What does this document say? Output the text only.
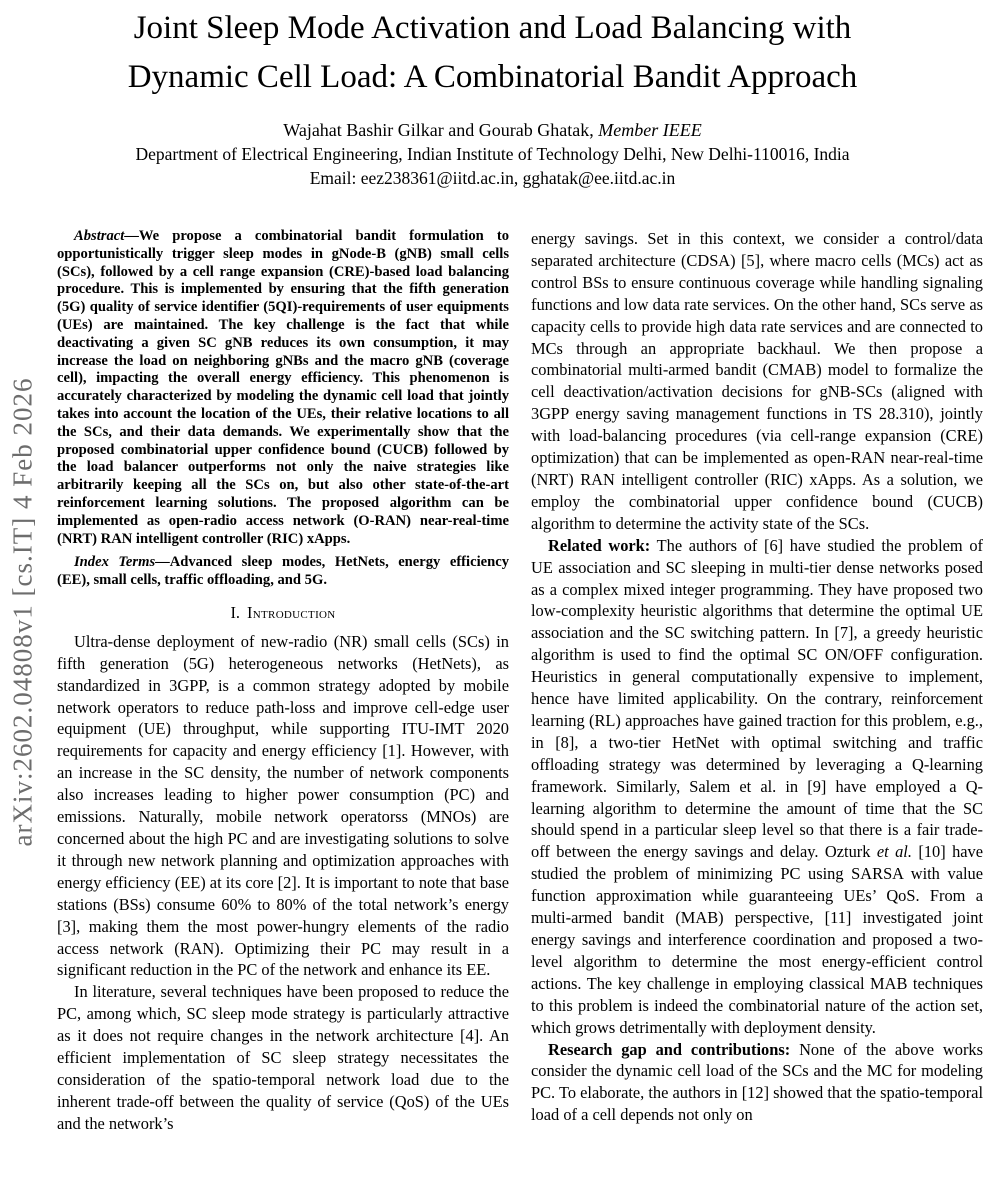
arXiv:2602.04808v1 [cs.IT] 4 Feb 2026
Joint Sleep Mode Activation and Load Balancing with
Dynamic Cell Load: A Combinatorial Bandit Approach
Wajahat Bashir Gilkar and Gourab Ghatak, Member IEEE
Department of Electrical Engineering, Indian Institute of Technology Delhi, New Delhi-110016, India
Email: eez238361@iitd.ac.in, gghatak@ee.iitd.ac.in

Abstract—We propose a combinatorial bandit formulation to opportunistically trigger sleep modes in gNode-B (gNB) small cells (SCs), followed by a cell range expansion (CRE)-based load balancing procedure. This is implemented by ensuring that the fifth generation (5G) quality of service identifier (5QI)-requirements of user equipments (UEs) are maintained. The key challenge is the fact that while deactivating a given SC gNB reduces its own consumption, it may increase the load on neighboring gNBs and the macro gNB (coverage cell), impacting the overall energy efficiency. This phenomenon is accurately characterized by modeling the dynamic cell load that jointly takes into account the location of the UEs, their relative locations to all the SCs, and their data demands. We experimentally show that the proposed combinatorial upper confidence bound (CUCB) followed by the load balancer outperforms not only the naive strategies like arbitrarily keeping all the SCs on, but also other state-of-the-art reinforcement learning solutions. The proposed algorithm can be implemented as open-radio access network (O-RAN) near-real-time (NRT) RAN intelligent controller (RIC) xApps.

Index Terms—Advanced sleep modes, HetNets, energy efficiency (EE), small cells, traffic offloading, and 5G.

I. Introduction

Ultra-dense deployment of new-radio (NR) small cells (SCs) in fifth generation (5G) heterogeneous networks (HetNets), as standardized in 3GPP, is a common strategy adopted by mobile network operators to reduce path-loss and improve cell-edge user equipment (UE) throughput, while supporting ITU-IMT 2020 requirements for capacity and energy efficiency [1]. However, with an increase in the SC density, the number of network components also increases leading to higher power consumption (PC) and emissions. Naturally, mobile network operatorss (MNOs) are concerned about the high PC and are investigating solutions to solve it through new network planning and optimization approaches with energy efficiency (EE) at its core [2]. It is important to note that base stations (BSs) consume 60% to 80% of the total network’s energy [3], making them the most power-hungry elements of the radio access network (RAN). Optimizing their PC may result in a significant reduction in the PC of the network and enhance its EE.

In literature, several techniques have been proposed to reduce the PC, among which, SC sleep mode strategy is particularly attractive as it does not require changes in the network architecture [4]. An efficient implementation of SC sleep strategy necessitates the consideration of the spatio-temporal network load due to the inherent trade-off between the quality of service (QoS) of the UEs and the network’s

energy savings. Set in this context, we consider a control/data separated architecture (CDSA) [5], where macro cells (MCs) act as control BSs to ensure continuous coverage while handling signaling functions and low data rate services. On the other hand, SCs serve as capacity cells to provide high data rate services and are connected to MCs through an appropriate backhaul. We then propose a combinatorial multi-armed bandit (CMAB) model to formalize the cell deactivation/activation decisions for gNB-SCs (aligned with 3GPP energy saving management functions in TS 28.310), jointly with load-balancing procedures (via cell-range expansion (CRE) optimization) that can be implemented as open-RAN near-real-time (NRT) RAN intelligent controller (RIC) xApps. As a solution, we employ the combinatorial upper confidence bound (CUCB) algorithm to determine the activity state of the SCs.

Related work: The authors of [6] have studied the problem of UE association and SC sleeping in multi-tier dense networks posed as a complex mixed integer programming. They have proposed two low-complexity heuristic algorithms that determine the optimal UE association and the SC switching pattern. In [7], a greedy heuristic algorithm is used to find the optimal SC ON/OFF configuration. Heuristics in general computationally expensive to implement, hence have limited applicability. On the contrary, reinforcement learning (RL) approaches have gained traction for this problem, e.g., in [8], a two-tier HetNet with optimal switching and traffic offloading strategy was determined by leveraging a Q-learning framework. Similarly, Salem et al. in [9] have employed a Q-learning algorithm to determine the amount of time that the SC should spend in a particular sleep level so that there is a fair trade-off between the energy savings and delay. Ozturk et al. [10] have studied the problem of minimizing PC using SARSA with value function approximation while guaranteeing UEs’ QoS. From a multi-armed bandit (MAB) perspective, [11] investigated joint energy savings and interference coordination and proposed a two-level algorithm to determine the most energy-efficient control actions. The key challenge in employing classical MAB techniques to this problem is indeed the combinatorial nature of the action set, which grows detrimentally with deployment density.

Research gap and contributions: None of the above works consider the dynamic cell load of the SCs and the MC for modeling PC. To elaborate, the authors in [12] showed that the spatio-temporal load of a cell depends not only on
